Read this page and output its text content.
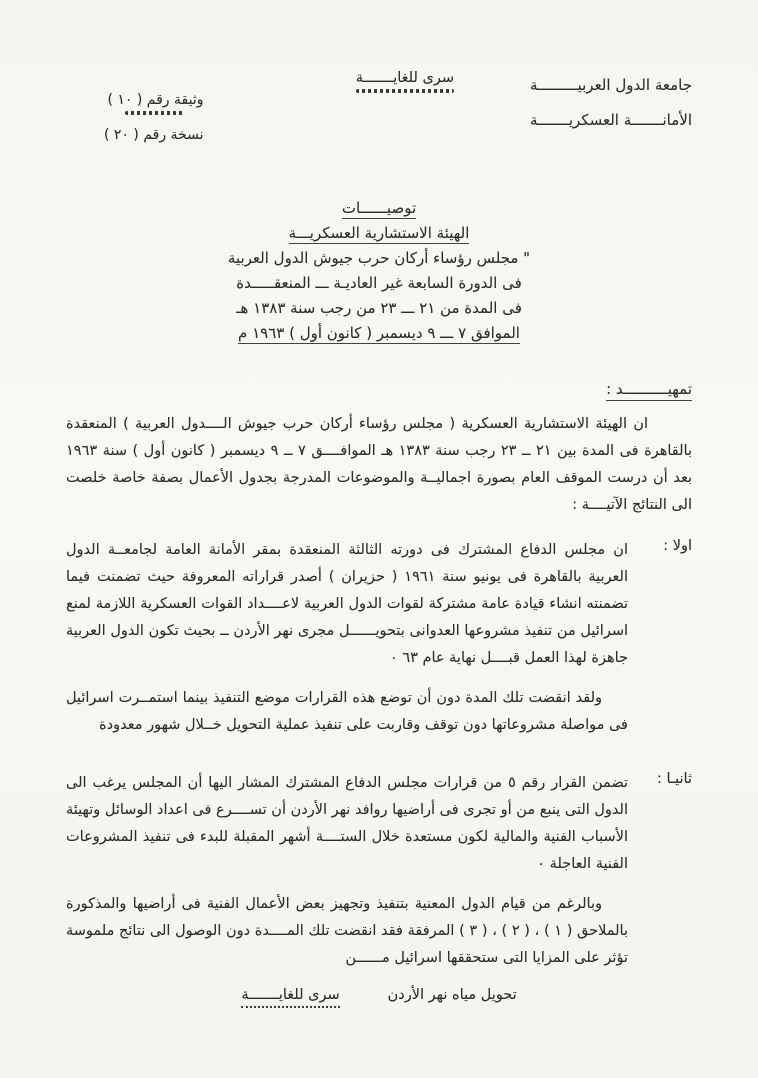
جامعة الدول العربيـــــــــة
الأمانـــــــة العسكريـــــــة
سرى للغايـــــــة
وثيقة رقم ( ١٠ )
نسخة رقم ( ٢٠ )
توصيــــــات
الهيئة الاستشارية العسكريـــة
" مجلس رؤساء أركان حرب جيوش الدول العربية
فى الدورة السابعة غير العاديـة ـــ المنعقـــــدة
فى المدة من ٢١ ـــ ٢٣ من رجب سنة ١٣٨٣ هـ
الموافق ٧ ـــ ٩ ديسمبر ( كانون أول ) ١٩٦٣ م
تمهيــــــــــد :
ان الهيئة الاستشارية العسكرية ( مجلس رؤساء أركان حرب جيوش الــــدول العربية ) المنعقدة بالقاهرة فى المدة بين ٢١ ــ ٢٣ رجب سنة ١٣٨٣ هـ الموافــــق ٧ ــ ٩ ديسمبر ( كانون أول ) سنة ١٩٦٣ بعد أن درست الموقف العام بصورة اجماليــة والموضوعات المدرجة بجدول الأعمال بصفة خاصة خلصت الى النتائج الآتيــــة :
اولا :
ان مجلس الدفاع المشترك فى دورته الثالثة المنعقدة بمقر الأمانة العامة لجامعــة الدول العربية بالقاهرة فى يونيو سنة ١٩٦١ ( حزيران ) أصدر قراراته المعروفة حيث تضمنت فيما تضمنته انشاء قيادة عامة مشتركة لقوات الدول العربية لاعــــداد القوات العسكرية اللازمة لمنع اسرائيل من تنفيذ مشروعها العدوانى بتحويــــــل مجرى نهر الأردن ــ بحيث تكون الدول العربية جاهزة لهذا العمل قبــــل نهاية عام ٦٣ ٠
ولقد انقضت تلك المدة دون أن توضع هذه القرارات موضع التنفيذ بينما استمــرت اسرائيل فى مواصلة مشروعاتها دون توقف وقاربت على تنفيذ عملية التحويل خــلال شهور معدودة
ثانيـا :
تضمن القرار رقم ٥ من قرارات مجلس الدفاع المشترك المشار اليها أن المجلس يرغب الى الدول التى ينبع من أو تجرى فى أراضيها روافد نهر الأردن أن تســــرع فى اعداد الوسائل وتهيئة الأسباب الفنية والمالية لكون مستعدة خلال الستــــة أشهر المقبلة للبدء فى تنفيذ المشروعات الفنية العاجلة ٠
وبالرغم من قيام الدول المعنية بتنفيذ وتجهيز بعض الأعمال الفنية فى أراضيها والمذكورة بالملاحق ( ١ ) ، ( ٢ ) ، ( ٣ ) المرفقة فقد انقضت تلك المــــدة دون الوصول الى نتائج ملموسة تؤثر على المزايا التى ستحققها اسرائيل مــــــن
تحويل مياه نهر الأردن
سرى للغايـــــــة
